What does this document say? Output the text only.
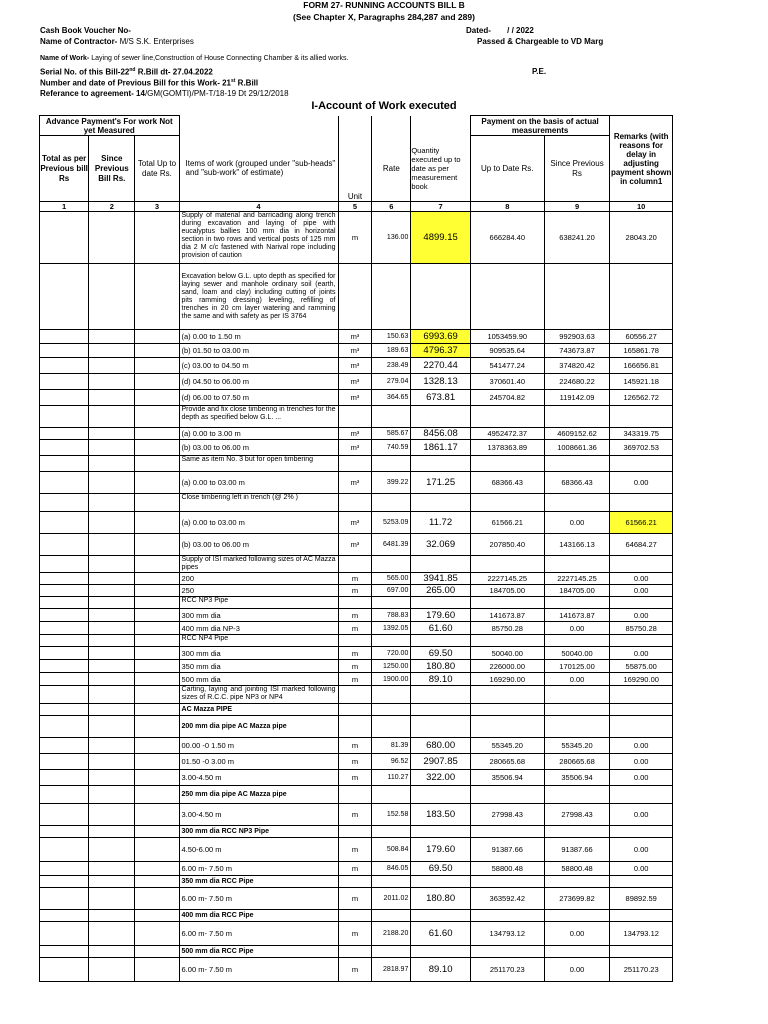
FORM 27- RUNNING ACCOUNTS BILL B
(See Chapter X, Paragraphs 284,287 and 289)
Cash Book Voucher No-
Name of Contractor- M/S S.K. Enterprises
Dated- / / 2022
Passed & Chargeable to VD Marg
Name of Work- Laying of sewer line,Construction of House Connecting Chamber & its allied works.
Serial No. of this Bill-22nd R.Bill dt- 27.04.2022	P.E.
Number and date of Previous Bill for this Work- 21st R.Bill
Referance to agreement- 14/GM(GOMTI)/PM-T/18-19 Dt 29/12/2018
I-Account of Work executed
Advance Payment's For work Not yet Measured							Payment on the basis of actual measurements		Remarks (with reasons for delay in adjusting payment shown in column1

Total as per Previous bill Rs	Since Previous Bill Rs.	Total Up to date Rs.	Items of work (grouped under "sub-heads" and "sub-work" of estimate)	Unit	Rate	Quantity executed up to date as per measurement book	Up to Date Rs.	Since Previous Rs	
1	2	3	4	5	6	7	8	9	10
			Supply of material and barricading along trench during excavation and laying of pipe with eucalyptus ballies 100 mm dia in horizontal section in two rows and vertical posts of 125 mm dia 2 M c/c fastened with Narival rope including provision of caution	m	136.00	4899.15	666284.40	638241.20	28043.20
			Excavation below G.L. upto depth as specified for laying sewer and manhole ordinary soil (earth, sand, loam and clay) including cutting of joints pits ramming dressing) leveling, refilling of trenches in 20 cm layer watering and ramming the same and with safety as per IS 3764						
			(a) 0.00 to 1.50 m	m³	150.63	6993.69	1053459.90	992903.63	60556.27
			(b) 01.50 to 03.00 m	m³	189.63	4796.37	909535.64	743673.87	165861.78
			(c) 03.00 to 04.50 m	m³	238.49	2270.44	541477.24	374820.42	166656.81
			(d) 04.50 to 06.00 m	m³	279.04	1328.13	370601.40	224680.22	145921.18
			(d) 06.00 to 07.50 m	m³	364.65	673.81	245704.82	119142.09	126562.72
			Provide and fix close timbering in trenches for the depth as specified below G.L. ...						
			(a) 0.00 to 3.00 m	m³	585.67	8456.08	4952472.37	4609152.62	343319.75
			(b) 03.00 to 06.00 m	m³	740.59	1861.17	1378363.89	1008661.36	369702.53
			Same as item No. 3 but for open timbering						
			(a) 0.00 to 03.00 m	m³	399.22	171.25	68366.43	68366.43	0.00
			Close timbering left in trench (@ 2% )						
			(a) 0.00 to 03.00 m	m³	5253.09	11.72	61566.21	0.00	61566.21
			(b) 03.00 to 06.00 m	m³	6481.39	32.069	207850.40	143166.13	64684.27
			Supply of ISI marked following sizes of AC Mazza pipes						
			200	m	565.00	3941.85	2227145.25	2227145.25	0.00
			250	m	697.00	265.00	184705.00	184705.00	0.00
			RCC NP3 Pipe						
			300 mm dia	m	788.83	179.60	141673.87	141673.87	0.00
			400 mm dia NP-3	m	1392.05	61.60	85750.28	0.00	85750.28
			RCC NP4 Pipe						
			300 mm dia	m	720.00	69.50	50040.00	50040.00	0.00
			350 mm dia	m	1250.00	180.80	226000.00	170125.00	55875.00
			500 mm dia	m	1900.00	89.10	169290.00	0.00	169290.00
			Carting, laying and jointing ISI marked following sizes of R.C.C. pipe NP3 or NP4						
			AC Mazza PIPE						
			200 mm dia pipe AC Mazza pipe						
			00.00 -0 1.50 m	m	81.39	680.00	55345.20	55345.20	0.00
			01.50 -0 3.00 m	m	96.52	2907.85	280665.68	280665.68	0.00
			3.00-4.50 m	m	110.27	322.00	35506.94	35506.94	0.00
			250 mm dia pipe AC Mazza pipe						
			3.00-4.50 m	m	152.58	183.50	27998.43	27998.43	0.00
			300 mm dia RCC NP3 Pipe						
			4.50-6.00 m	m	508.84	179.60	91387.66	91387.66	0.00
			6.00 m- 7.50 m	m	846.05	69.50	58800.48	58800.48	0.00
			350 mm dia RCC Pipe						
			6.00 m- 7.50 m	m	2011.02	180.80	363592.42	273699.82	89892.59
			400 mm dia RCC Pipe						
			6.00 m- 7.50 m	m	2188.20	61.60	134793.12	0.00	134793.12
			500 mm dia RCC Pipe						
			6.00 m- 7.50 m	m	2818.97	89.10	251170.23	0.00	251170.23
